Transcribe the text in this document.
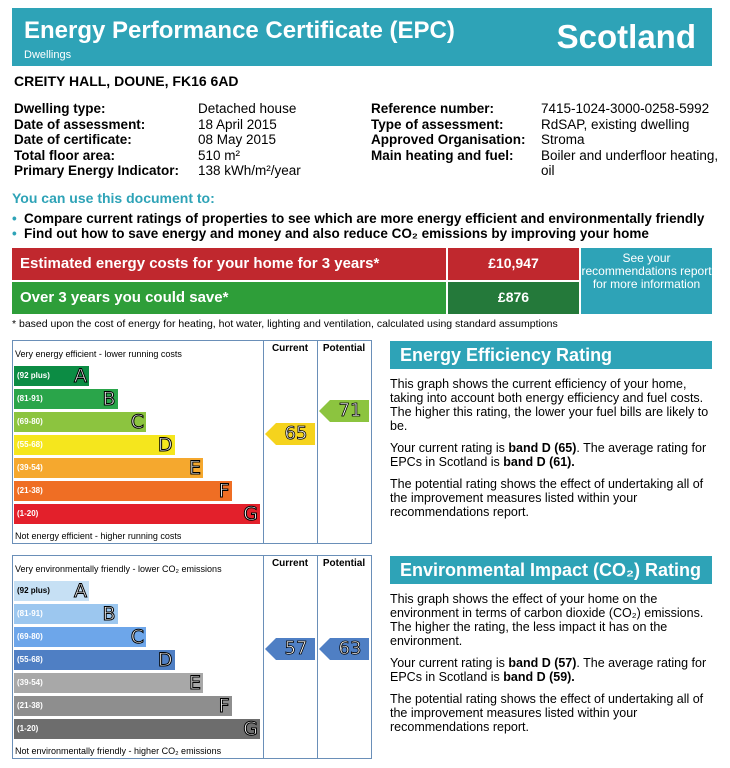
Energy Performance Certificate (EPC)
Dwellings	Scotland
CREITY HALL, DOUNE, FK16 6AD
Dwelling type:	Detached house
Date of assessment:	18 April 2015
Date of certificate:	08 May 2015
Total floor area:	510 m²
Primary Energy Indicator:	138 kWh/m²/year
Reference number:	7415-1024-3000-0258-5992
Type of assessment:	RdSAP, existing dwelling
Approved Organisation:	Stroma
Main heating and fuel:	Boiler and underfloor heating, oil
You can use this document to:
• Compare current ratings of properties to see which are more energy efficient and environmentally friendly
• Find out how to save energy and money and also reduce CO₂ emissions by improving your home
Estimated energy costs for your home for 3 years*	£10,947
Over 3 years you could save*	£876
See your recommendations report for more information
* based upon the cost of energy for heating, hot water, lighting and ventilation, calculated using standard assumptions
Current	Potential
Very energy efficient - lower running costs
Not energy efficient - higher running costs
(92 plus) A
(81-91)	B
(69-80)	C
(55-68)	D
(39-54)	E
(21-38)	F
(1-20)	G
65
71
Current	Potential
Very environmentally friendly - lower CO₂ emissions
Not environmentally friendly - higher CO₂ emissions
(92 plus) A
(81-91)	B
(69-80)	C
(55-68)	D
(39-54)	E
(21-38)	F
(1-20)	G
57	63
Energy Efficiency Rating

This graph shows the current efficiency of your home, taking into account both energy efficiency and fuel costs. The higher this rating, the lower your fuel bills are likely to be.

Your current rating is band D (65). The average rating for EPCs in Scotland is band D (61).

The potential rating shows the effect of undertaking all of the improvement measures listed within your recommendations report.

Environmental Impact (CO₂) Rating

This graph shows the effect of your home on the environment in terms of carbon dioxide (CO₂) emissions. The higher the rating, the less impact it has on the environment.

Your current rating is band D (57). The average rating for EPCs in Scotland is band D (59).

The potential rating shows the effect of undertaking all of the improvement measures listed within your recommendations report.
